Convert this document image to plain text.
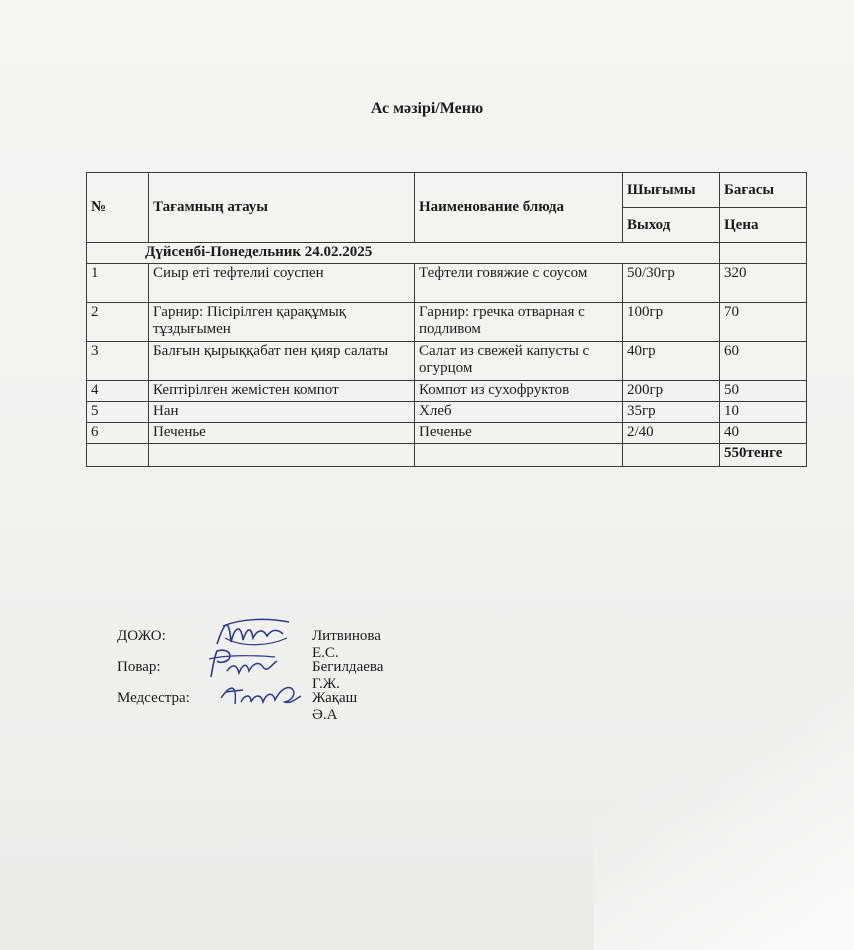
Ас мәзірі/Меню
№	Тағамның атауы	Наименование блюда	Шығымы	Бағасы
			Выход	Цена
Дүйсенбі-Понедельник 24.02.2025				
1	Сиыр еті тефтелиі соуспен	Тефтели говяжие с соусом	50/30гр	320
2	Гарнир: Пісірілген қарақұмық тұздығымен	Гарнир: гречка отварная с подливом	100гр	70
3	Балғын қырыққабат пен қияр салаты	Салат из свежей капусты с огурцом	40гр	60
4	Кептірілген жемістен компот	Компот из сухофруктов	200гр	50
5	Нан	Хлеб	35гр	10
6	Печенье	Печенье	2/40	40
				550тенге
ДОЖО:	Литвинова Е.С.
Повар:	Бегилдаева Г.Ж.
Медсестра:	Жақаш Ә.А
